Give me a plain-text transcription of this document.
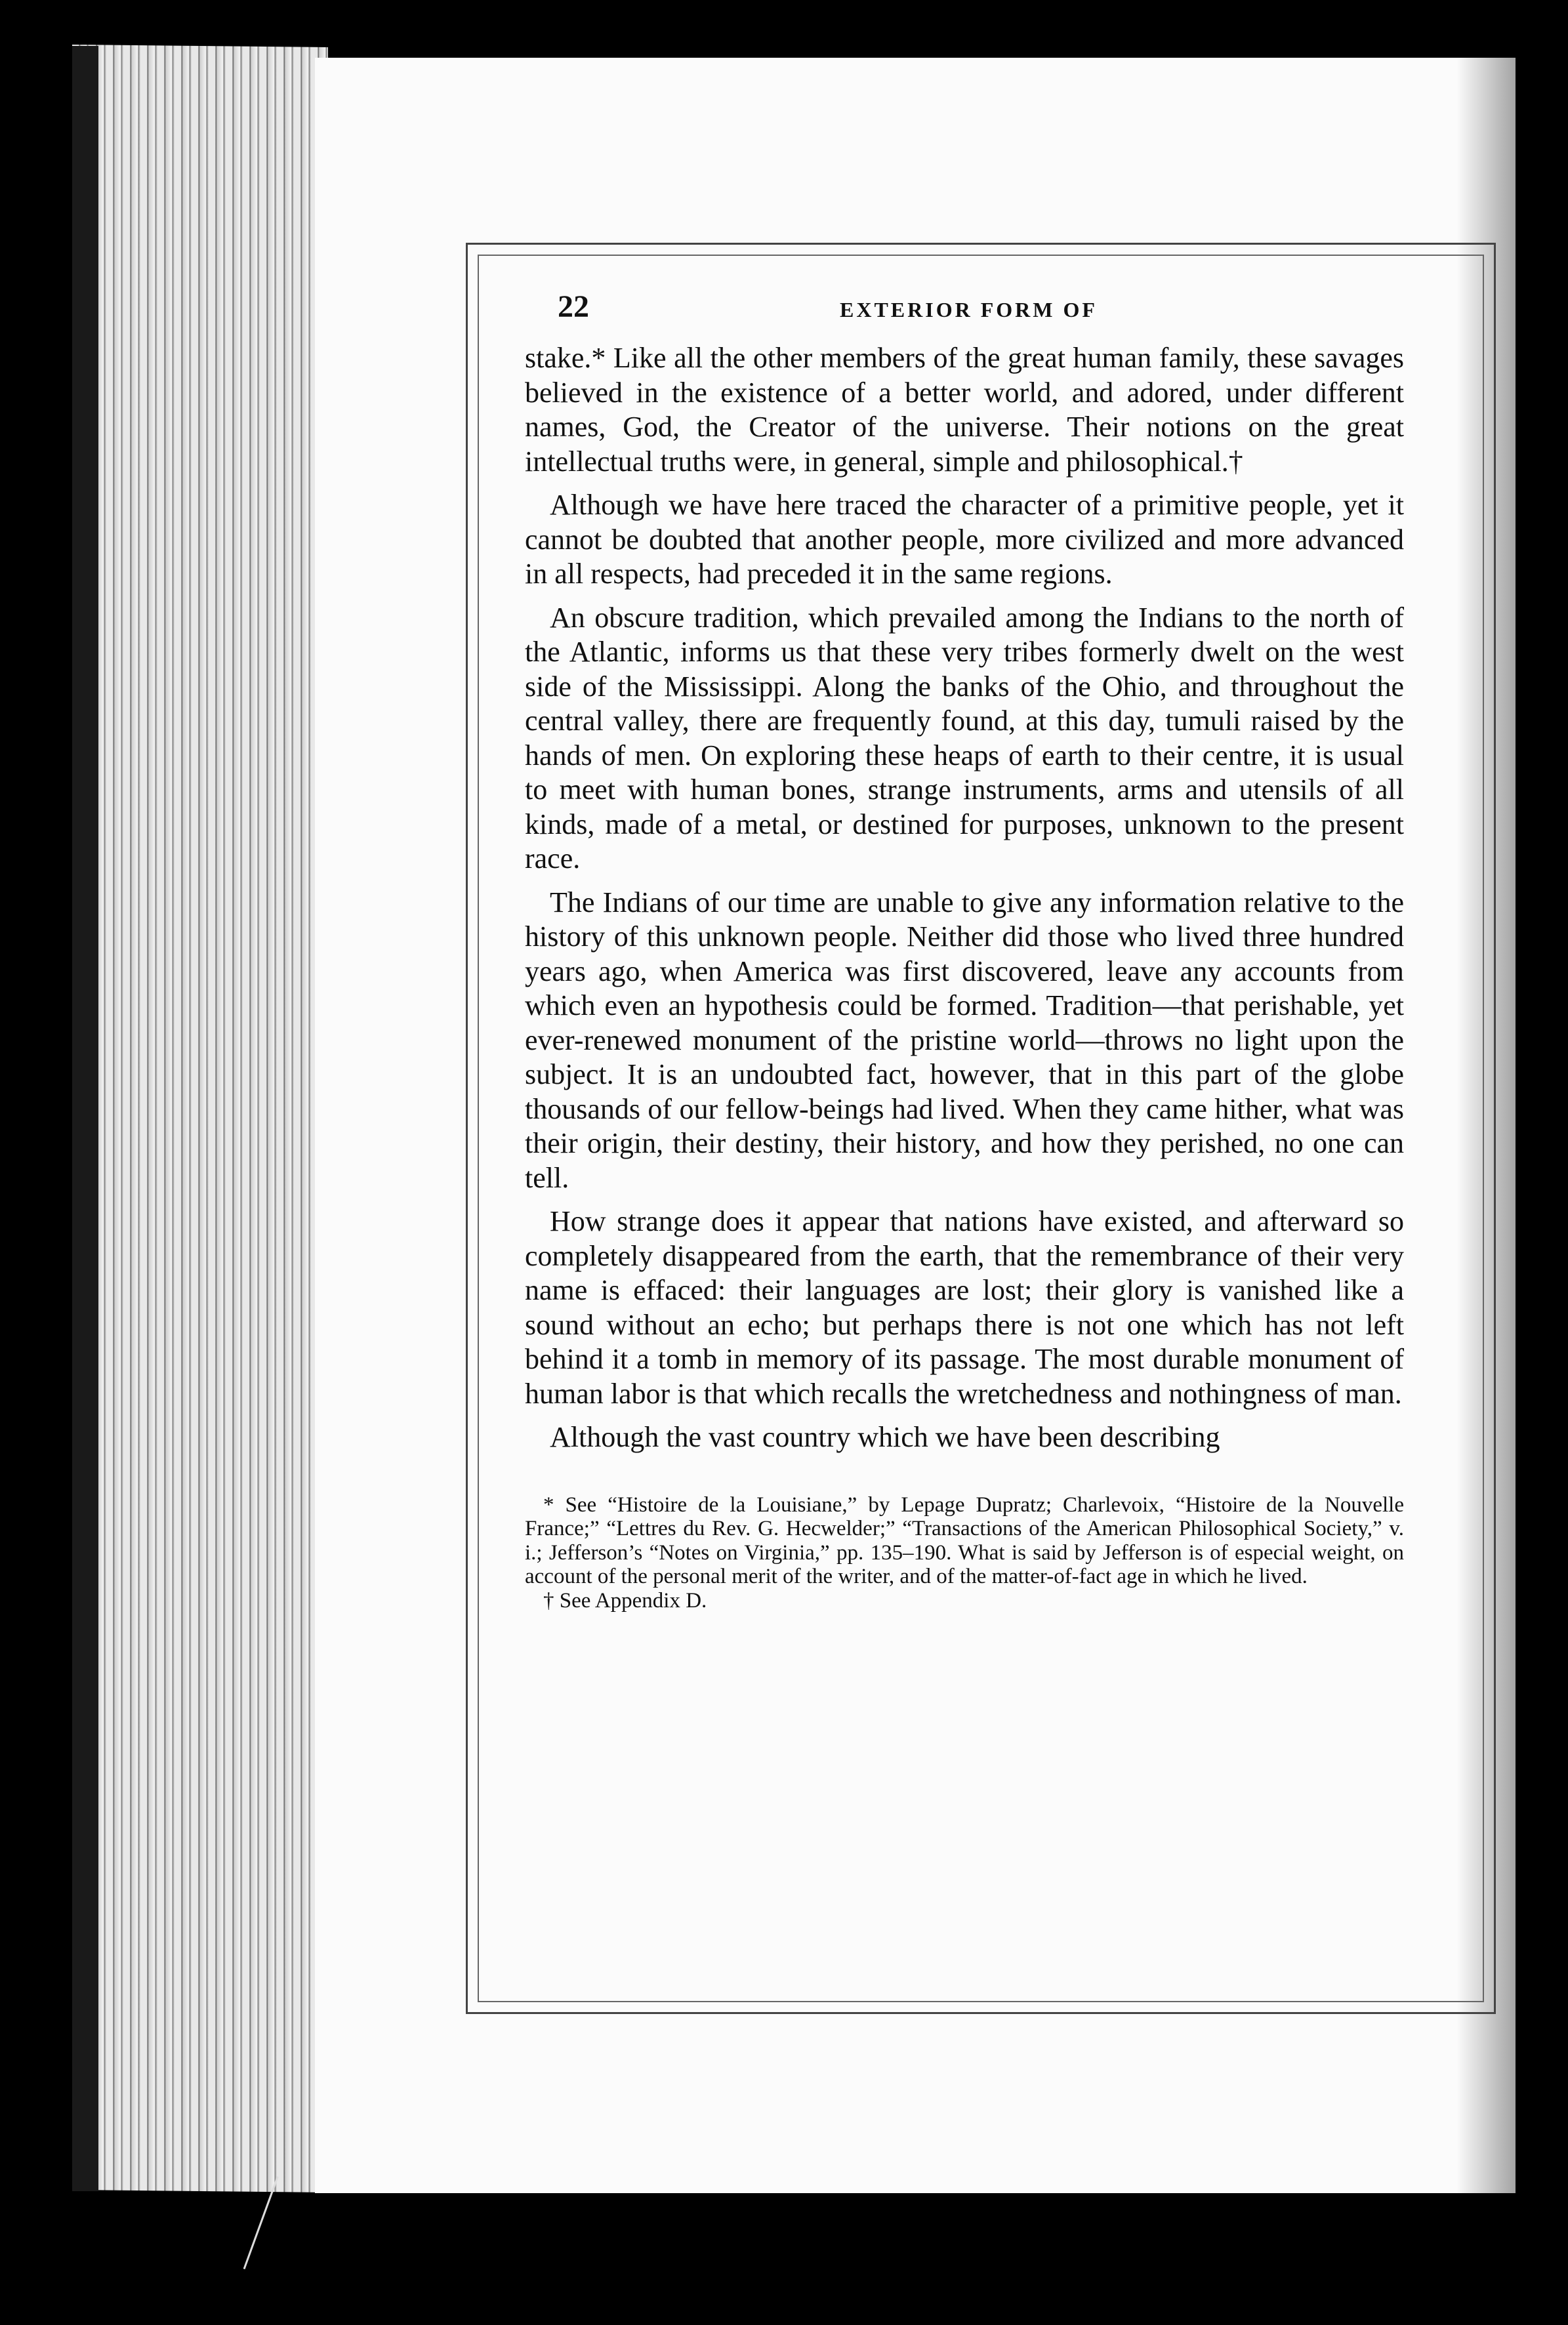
22	EXTERIOR FORM OF

stake.* Like all the other members of the great human family, these savages believed in the existence of a better world, and adored, under different names, God, the Creator of the universe. Their notions on the great intellectual truths were, in general, simple and philosophical.†

Although we have here traced the character of a primitive people, yet it cannot be doubted that another people, more civilized and more advanced in all respects, had preceded it in the same regions.

An obscure tradition, which prevailed among the Indians to the north of the Atlantic, informs us that these very tribes formerly dwelt on the west side of the Mississippi. Along the banks of the Ohio, and throughout the central valley, there are frequently found, at this day, tumuli raised by the hands of men. On exploring these heaps of earth to their centre, it is usual to meet with human bones, strange instruments, arms and utensils of all kinds, made of a metal, or destined for purposes, unknown to the present race.

The Indians of our time are unable to give any information relative to the history of this unknown people. Neither did those who lived three hundred years ago, when America was first discovered, leave any accounts from which even an hypothesis could be formed. Tradition—that perishable, yet ever-renewed monument of the pristine world—throws no light upon the subject. It is an undoubted fact, however, that in this part of the globe thousands of our fellow-beings had lived. When they came hither, what was their origin, their destiny, their history, and how they perished, no one can tell.

How strange does it appear that nations have existed, and afterward so completely disappeared from the earth, that the remembrance of their very name is effaced: their languages are lost; their glory is vanished like a sound without an echo; but perhaps there is not one which has not left behind it a tomb in memory of its passage. The most durable monument of human labor is that which recalls the wretchedness and nothingness of man.

Although the vast country which we have been describing

* See “Histoire de la Louisiane,” by Lepage Dupratz; Charlevoix, “Histoire de la Nouvelle France;” “Lettres du Rev. G. Hecwelder;” “Transactions of the American Philosophical Society,” v. i.; Jefferson’s “Notes on Virginia,” pp. 135–190. What is said by Jefferson is of especial weight, on account of the personal merit of the writer, and of the matter-of-fact age in which he lived.

† See Appendix D.
